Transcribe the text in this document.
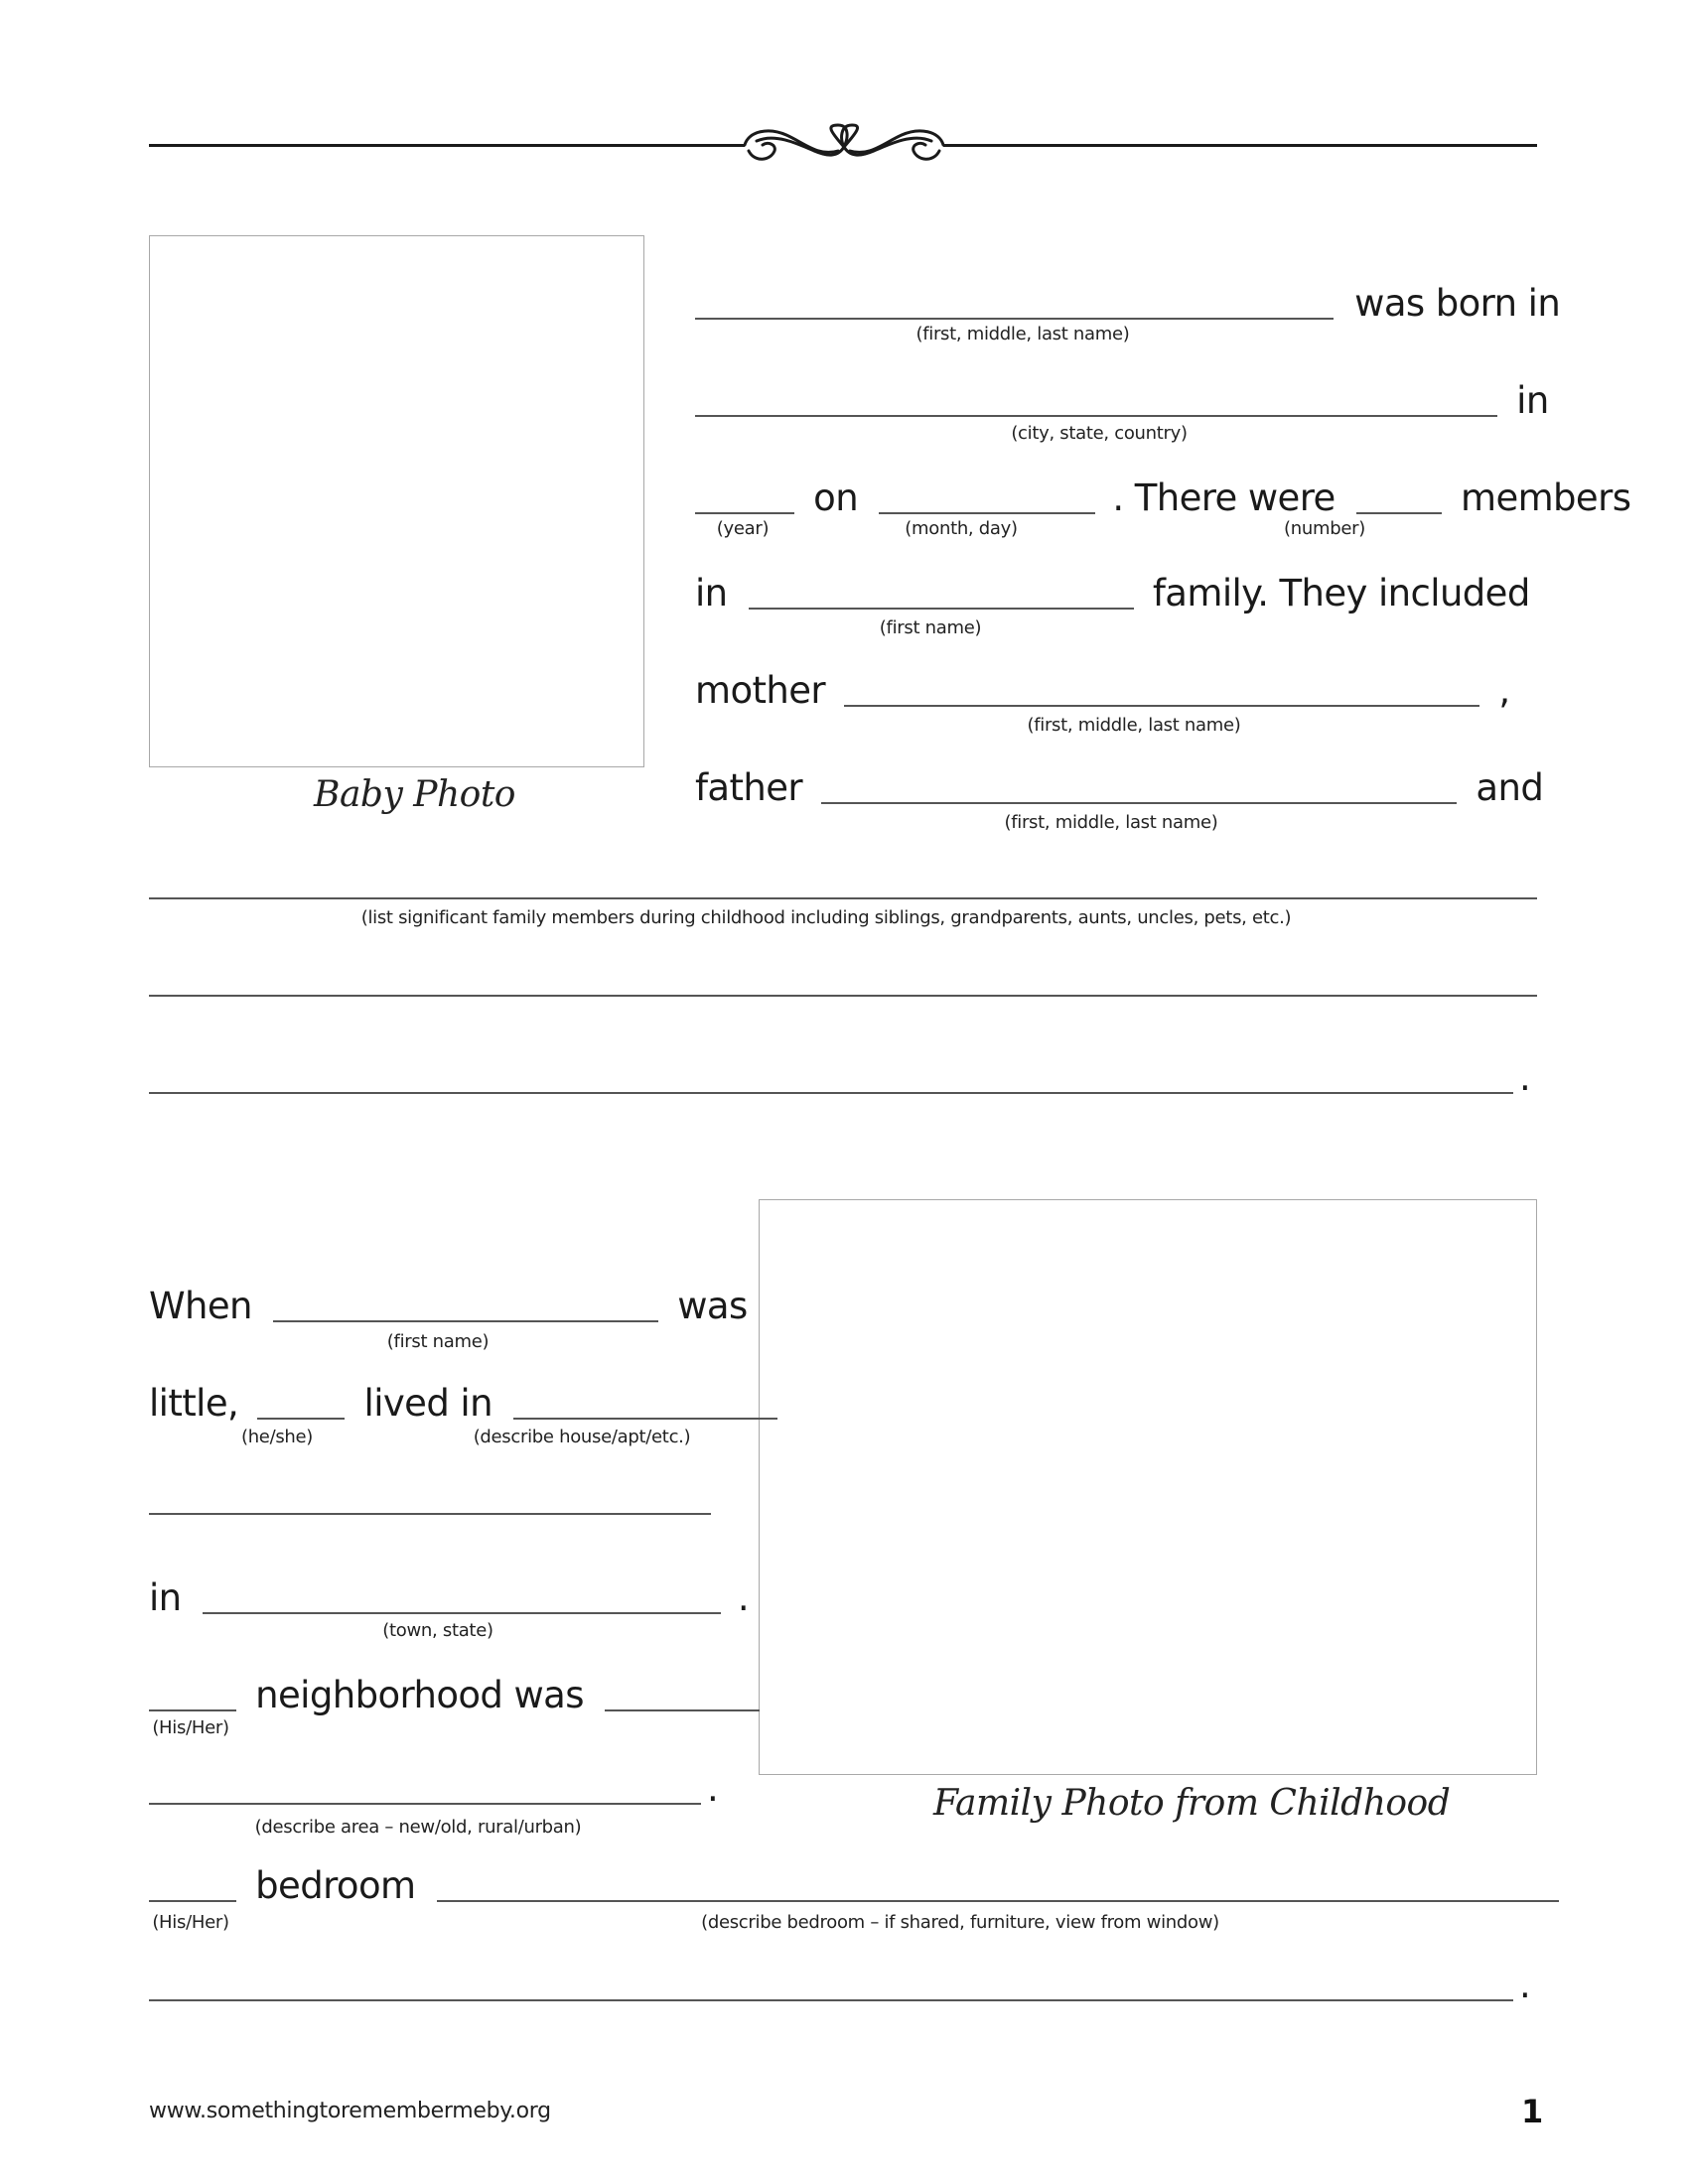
Baby Photo
was born in
(first, middle, last name)
in
(city, state, country)
on	. There were	members
(year)	(month, day)	(number)
in	family. They included
(first name)
mother	,
(first, middle, last name)
father	and
(first, middle, last name)
(list significant family members during childhood including siblings, grandparents, aunts, uncles, pets, etc.)
.
Family Photo from Childhood
When	was
(first name)
little,	lived in
(he/she)	(describe house/apt/etc.)
in	.
(town, state)
neighborhood was
(His/Her)
.
(describe area – new/old, rural/urban)
bedroom
(His/Her)	(describe bedroom – if shared, furniture, view from window)
.
www.somethingtoremembermeby.org	1
